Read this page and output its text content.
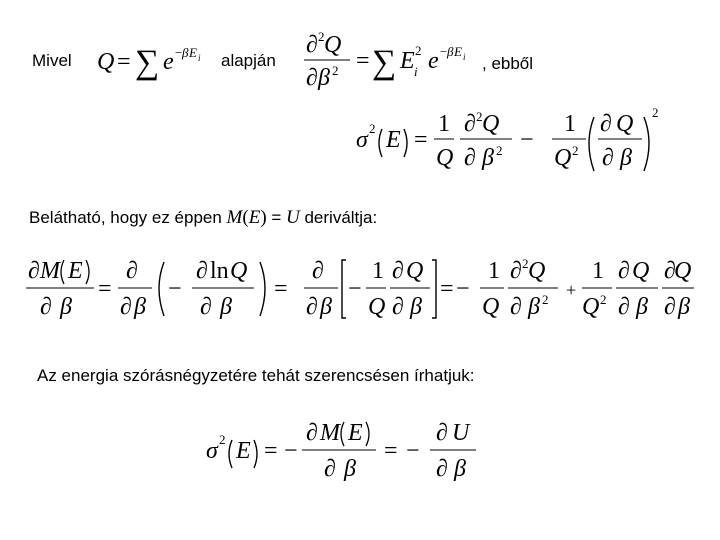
Mivel Q = ∑ e − β E i alapján
∂ 2 Q
∂ β 2 = ∑ E 2
i e − β E i , ebből
σ 2 E =
1
Q
∂ 2 Q
∂ β 2 −
1
Q 2
∂ Q
∂ β
2
Belátható, hogy ez éppen M(E) = U deriváltja:
∂ M E
∂ β
=
∂
∂ β
−
∂ ln Q
∂ β
=
∂
∂ β
−
1
Q
∂ Q
∂ β
= −
1
Q
∂ 2 Q
∂ β 2 +
1
Q 2
∂ Q
∂ β
∂
Q
∂ β
Az energia szórásnégyzetére tehát szerencsésen írhatjuk:
σ 2 E = −
∂ M E
∂ β
= −
∂ U
∂ β
